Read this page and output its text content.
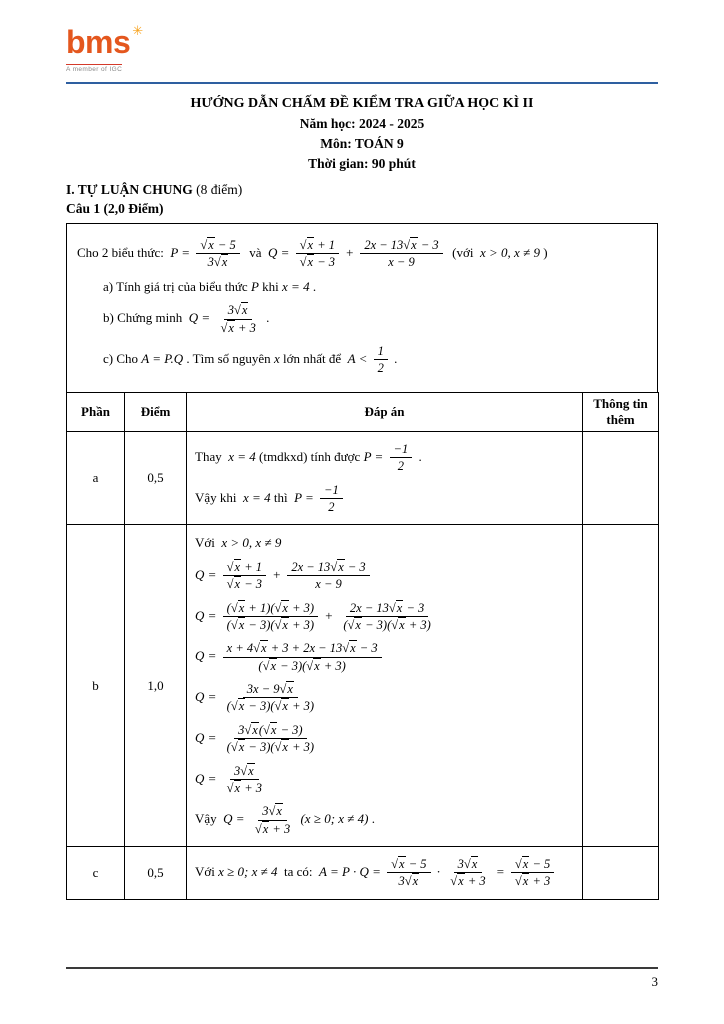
bms ✳
A member of IGC
HƯỚNG DẪN CHẤM ĐỀ KIỂM TRA GIỮA HỌC KÌ II
Năm học: 2024 - 2025
Môn: TOÁN 9
Thời gian: 90 phút
I. TỰ LUẬN CHUNG (8 điểm)
Câu 1 (2,0 Điểm)
Cho 2 biểu thức:  $P = \frac{√x - 5}{3√x}$ và  $Q = \frac{√x + 1}{√x - 3} + \frac{2x - 13√x - 3}{x - 9}$ (với  x > 0, x ≠ 9 )
a) Tính giá trị của biểu thức P khi x = 4 .
b) Chứng minh  $Q = \frac{3√x}{√x + 3}$ .
c) Cho A = P.Q . Tìm số nguyên x lớn nhất để  $A < \frac{1}{2}$ .
Phần	Điểm	Đáp án	Thông tin thêm
a	0,5	
Thay  x = 4 (tmdkxd) tính được $P = \frac{-1}{2}$ .
Vậy khi  x = 4 thì  $P = \frac{-1}{2}$

b	1,0	
Với  x > 0, x ≠ 9
$Q = \frac{√x + 1}{√x - 3} + \frac{2x - 13√x - 3}{x - 9}$
$Q = \frac{(√x + 1)(√x + 3)}{(√x - 3)(√x + 3)} + \frac{2x - 13√x - 3}{(√x - 3)(√x + 3)}$
$Q = \frac{x + 4√x + 3 + 2x - 13√x - 3}{(√x - 3)(√x + 3)}$
$Q = \frac{3x - 9√x}{(√x - 3)(√x + 3)}$
$Q = \frac{3√x(√x - 3)}{(√x - 3)(√x + 3)}$
$Q = \frac{3√x}{√x + 3}$
Vậy  $Q = \frac{3√x}{√x + 3} (x \ge 0$; x ≠ 4) .

c	0,5	Với x ≥ 0; x ≠ 4  ta có:  $A = P \cdot Q = \frac{√x - 5}{3√x} \cdot \frac{3√x}{√x + 3} = \frac{√x - 5}{√x + 3}$

3
